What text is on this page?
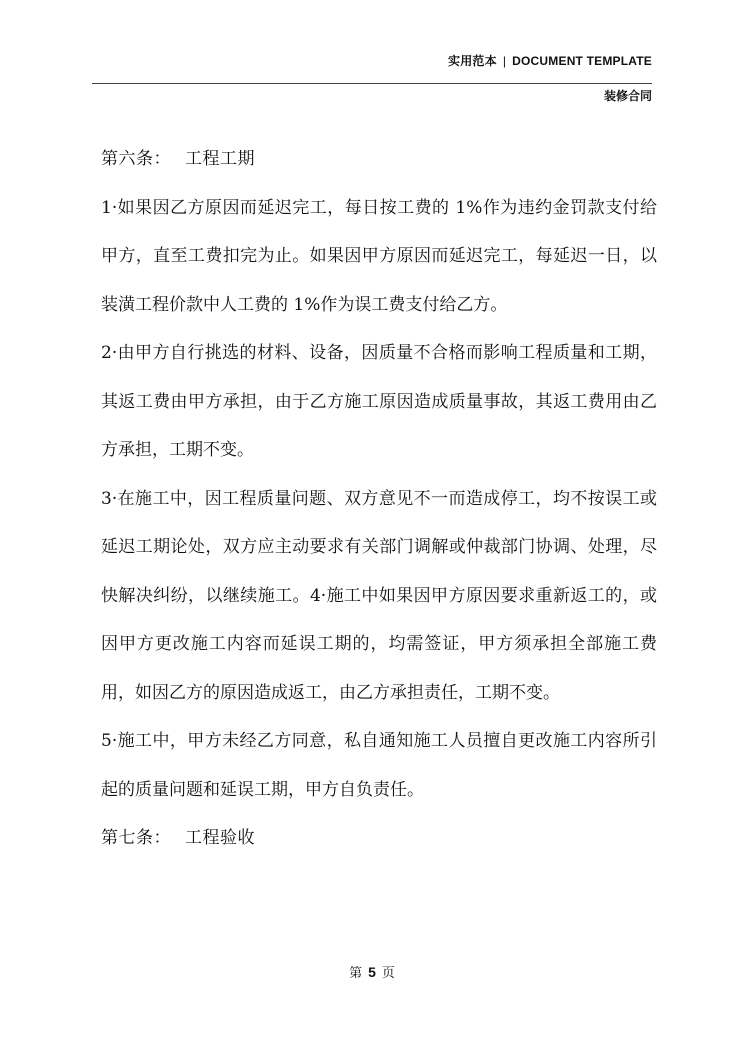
实用范本 | DOCUMENT TEMPLATE
装修合同

第六条： 工程工期

1·如果因乙方原因而延迟完工，每日按工费的 1%作为违约金罚款支付给甲方，直至工费扣完为止。如果因甲方原因而延迟完工，每延迟一日，以装潢工程价款中人工费的 1%作为误工费支付给乙方。

2·由甲方自行挑选的材料、设备，因质量不合格而影响工程质量和工期，其返工费由甲方承担，由于乙方施工原因造成质量事故，其返工费用由乙方承担，工期不变。

3·在施工中，因工程质量问题、双方意见不一而造成停工，均不按误工或延迟工期论处，双方应主动要求有关部门调解或仲裁部门协调、处理，尽快解决纠纷，以继续施工。4·施工中如果因甲方原因要求重新返工的，或因甲方更改施工内容而延误工期的，均需签证，甲方须承担全部施工费用，如因乙方的原因造成返工，由乙方承担责任，工期不变。

5·施工中，甲方未经乙方同意，私自通知施工人员擅自更改施工内容所引起的质量问题和延误工期，甲方自负责任。

第七条： 工程验收

第 5 页
